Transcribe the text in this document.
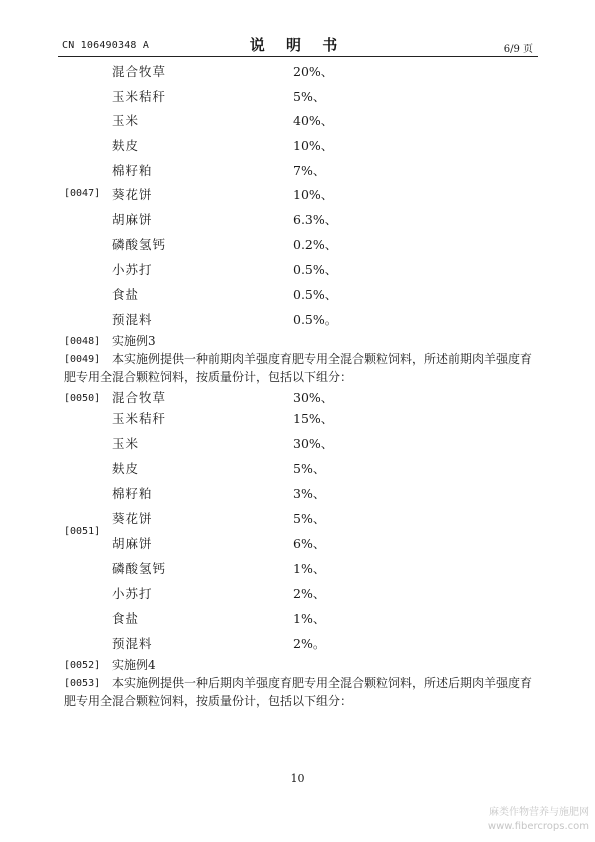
CN 106490348 A	说 明 书	6/9 页
混合牧草	20%、
玉米秸秆	5%、
玉米	40%、
麸皮	10%、
棉籽粕	7%、
葵花饼	10%、
胡麻饼	6.3%、
磷酸氢钙	0.2%、
小苏打	0.5%、
食盐	0.5%、
预混料	0.5%。
[0047]
[0048] 实施例3
[0049] 本实施例提供一种前期肉羊强度育肥专用全混合颗粒饲料，所述前期肉羊强度育
肥专用全混合颗粒饲料，按质量份计，包括以下组分：
[0050] 混合牧草	30%、
玉米秸秆	15%、
玉米	30%、
麸皮	5%、
棉籽粕	3%、
葵花饼	5%、
胡麻饼	6%、
磷酸氢钙	1%、
小苏打	2%、
食盐	1%、
预混料	2%。
[0051]
[0052] 实施例4
[0053] 本实施例提供一种后期肉羊强度育肥专用全混合颗粒饲料，所述后期肉羊强度育
肥专用全混合颗粒饲料，按质量份计，包括以下组分：
10
麻类作物营养与施肥网
www.fibercrops.com
